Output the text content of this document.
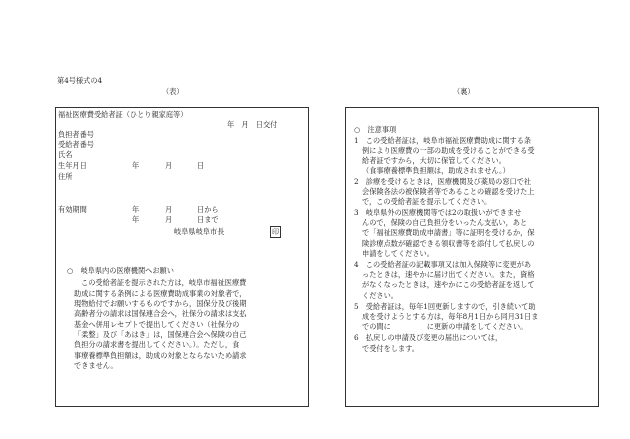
第4号様式の4
（表）	（裏）
福祉医療費受給者証（ひとり親家庭等）
年　月　日交付
負担者番号
受給者番号
氏名
生年月日	年	月	日
住所
有効期間	年	月	日から
年	月	日まで
岐阜県岐阜市長	印
○　岐阜県内の医療機関へお願い
この受給者証を提示された方は，岐阜市福祉医療費
助成に関する条例による医療費助成事業の対象者で，
現物給付でお願いするものですから，国保分及び後期
高齢者分の請求は国保連合会へ，社保分の請求は支払
基金へ併用レセプトで提出してください（社保分の
「柔整」及び「あはき」は，国保連合会へ保険の自己
負担分の請求書を提出してください。）。ただし，食
事療養標準負担額は，助成の対象とならないため請求
できません。
○　注意事項
1　この受給者証は，岐阜市福祉医療費助成に関する条
例により医療費の一部の助成を受けることができる受
給者証ですから，大切に保管してください。
（食事療養標準負担額は，助成されません。）
2　診療を受けるときは，医療機関及び薬局の窓口で社
会保険各法の被保険者等であることの確認を受けた上
で，この受給者証を提示してください。
3　岐阜県外の医療機関等では2の取扱いができませ
んので，保険の自己負担分をいったん支払い，あと
で「福祉医療費助成申請書」等に証明を受けるか，保
険診療点数が確認できる領収書等を添付して払戻しの
申請をしてください。
4　この受給者証の記載事項又は加入保険等に変更があ
ったときは，速やかに届け出てください。また，資格
がなくなったときは，速やかにこの受給者証を返して
ください。
5　受給者証は，毎年1回更新しますので，引き続いて助
成を受けようとする方は，毎年8月1日から同月31日ま
での間に　　　　　に更新の申請をしてください。
6　払戻しの申請及び変更の届出については，
で受付をします。
